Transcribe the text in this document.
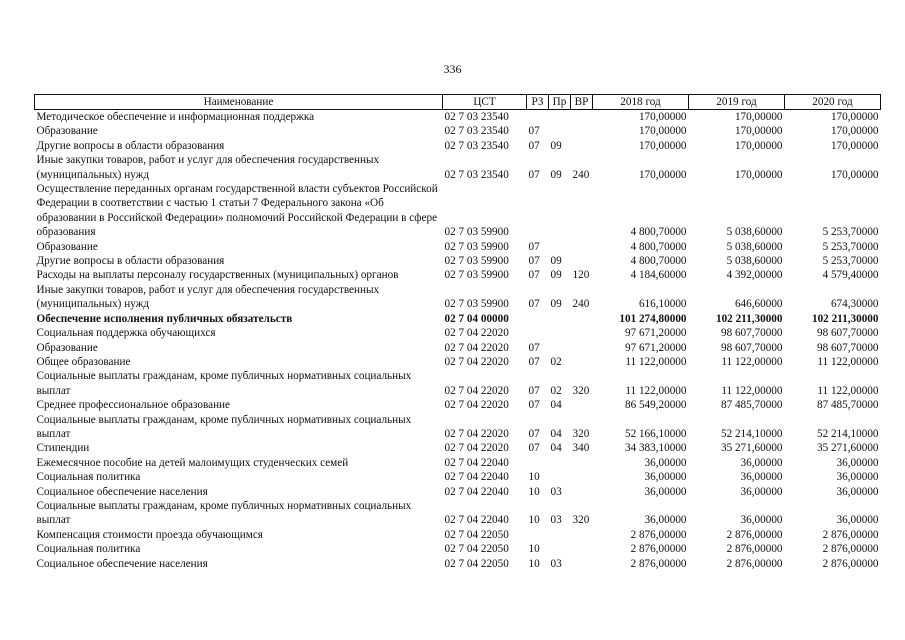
336
Наименование	ЦСТ	РЗ	Пр	ВР	2018 год	2019 год	2020 год
Методическое обеспечение и информационная поддержка	02 7 03 23540				170,00000	170,00000	170,00000
Образование	02 7 03 23540	07			170,00000	170,00000	170,00000
Другие вопросы в области образования	02 7 03 23540	07	09		170,00000	170,00000	170,00000
Иные закупки товаров, работ и услуг для обеспечения государственных (муниципальных) нужд	02 7 03 23540	07	09	240	170,00000	170,00000	170,00000
Осуществление переданных органам государственной власти субъектов Российской Федерации в соответствии с частью 1 статьи 7 Федерального закона «Об образовании в Российской Федерации» полномочий Российской Федерации в сфере образования	02 7 03 59900				4 800,70000	5 038,60000	5 253,70000
Образование	02 7 03 59900	07			4 800,70000	5 038,60000	5 253,70000
Другие вопросы в области образования	02 7 03 59900	07	09		4 800,70000	5 038,60000	5 253,70000
Расходы на выплаты персоналу государственных (муниципальных) органов	02 7 03 59900	07	09	120	4 184,60000	4 392,00000	4 579,40000
Иные закупки товаров, работ и услуг для обеспечения государственных (муниципальных) нужд	02 7 03 59900	07	09	240	616,10000	646,60000	674,30000
Обеспечение исполнения публичных обязательств	02 7 04 00000				101 274,80000	102 211,30000	102 211,30000
Социальная поддержка обучающихся	02 7 04 22020				97 671,20000	98 607,70000	98 607,70000
Образование	02 7 04 22020	07			97 671,20000	98 607,70000	98 607,70000
Общее образование	02 7 04 22020	07	02		11 122,00000	11 122,00000	11 122,00000
Социальные выплаты гражданам, кроме публичных нормативных социальных выплат	02 7 04 22020	07	02	320	11 122,00000	11 122,00000	11 122,00000
Среднее профессиональное образование	02 7 04 22020	07	04		86 549,20000	87 485,70000	87 485,70000
Социальные выплаты гражданам, кроме публичных нормативных социальных выплат	02 7 04 22020	07	04	320	52 166,10000	52 214,10000	52 214,10000
Стипендии	02 7 04 22020	07	04	340	34 383,10000	35 271,60000	35 271,60000
Ежемесячное пособие на детей малоимущих студенческих семей	02 7 04 22040				36,00000	36,00000	36,00000
Социальная политика	02 7 04 22040	10			36,00000	36,00000	36,00000
Социальное обеспечение населения	02 7 04 22040	10	03		36,00000	36,00000	36,00000
Социальные выплаты гражданам, кроме публичных нормативных социальных выплат	02 7 04 22040	10	03	320	36,00000	36,00000	36,00000
Компенсация стоимости проезда обучающимся	02 7 04 22050				2 876,00000	2 876,00000	2 876,00000
Социальная политика	02 7 04 22050	10			2 876,00000	2 876,00000	2 876,00000
Социальное обеспечение населения	02 7 04 22050	10	03		2 876,00000	2 876,00000	2 876,00000
